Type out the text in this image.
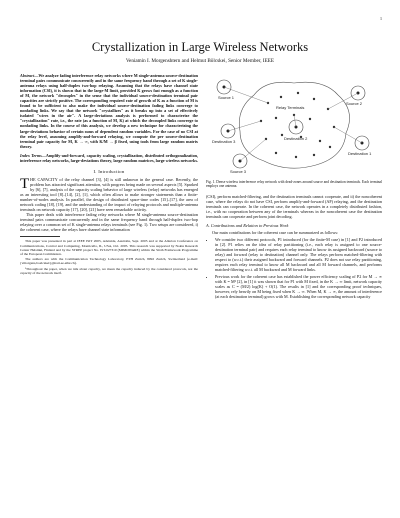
1
Crystallization in Large Wireless Networks
Veniamin I. Morgenshtern and Helmut Bölcskei, Senior Member, IEEE

Abstract—We analyze fading interference relay networks where M single-antenna source-destination terminal pairs communicate concurrently and in the same frequency band through a set of K single-antenna relays using half-duplex two-hop relaying. Assuming that the relays have channel state information (CSI), it is shown that in the large-M limit, provided K grows fast enough as a function of M, the network "decouples" in the sense that the individual source-destination terminal pair capacities are strictly positive. The corresponding required rate of growth of K as a function of M is found to be sufficient to also make the individual source-destination fading links converge to nonfading links. We say that the network "crystallizes" as it breaks up into a set of effectively isolated "wires in the air". A large-deviations analysis is performed to characterize the "crystallization" rate, i.e., the rate (as a function of M, K) at which the decoupled links converge to nonfading links. In the course of this analysis, we develop a new technique for characterizing the large-deviations behavior of certain sums of dependent random variables. For the case of no CSI at the relay level, assuming amplify-and-forward relaying, we compute the per source-destination terminal pair capacity for M, K → ∞, with K/M → β fixed, using tools from large random matrix theory.

Index Terms—Amplify-and-forward, capacity scaling, crystallization, distributed orthogonalization, interference relay networks, large-deviations theory, large random matrices, large wireless networks.

I. Introduction

THE CAPACITY of the relay channel [3], [4] is still unknown in the general case. Recently, the problem has attracted significant attention, with progress being made on several aspects [5]. Sparked by [6], [7], analysis of the capacity scaling behavior of large wireless (relay) networks has emerged as an interesting tool [8]–[14], [2], [1], which often allows to make stronger statements than a finite-number-of-nodes analysis. In parallel, the design of distributed space-time codes [15]–[17], the area of network coding [18], [19], and the understanding of the impact of relaying protocols and multiple-antenna terminals on network capacity [17], [20], [21] have seen remarkable activity.

This paper deals with interference fading relay networks where M single-antenna source-destination terminal pairs communicate concurrently and in the same frequency band through half-duplex two-hop relaying over a common set of K single-antenna relays terminals (see Fig. 1). Two setups are considered, i) the coherent case, where the relays have channel state information

This paper was presented in part at IEEE ISIT 2005, Adelaide, Australia, Sept. 2005 and at the Allerton Conference on Communications, Control and Computing, Monticello, IL, USA, Oct. 2005. This research was supported by Nokia Research Center Helsinki, Finland and by the STREP project No. IST-027310 (MIMOWARE) within the Sixth Framework Programme of the European Commission.

The authors are with the Communication Technology Laboratory, ETH Zurich, 8092 Zurich, Switzerland (e-mail: {vmorgens,boelcskei}@nari.ee.ethz.ch).

¹Throughout the paper, when we talk about capacity, we mean the capacity induced by the considered protocols, not the capacity of the network itself.

Source 1
Source 2
Source 3
Relay Terminals
Destination 1
Destination 2
Destination 3

Fig. 1. Dense wireless interference relay network with dead-zones around source and destination terminals. Each terminal employs one antenna.

(CSI), perform matched-filtering, and the destination terminals cannot cooperate, and ii) the noncoherent case, where the relays do not have CSI, perform amplify-and-forward (AF) relaying, and the destination terminals can cooperate. In the coherent case, the network operates in a completely distributed fashion, i.e., with no cooperation between any of the terminals whereas in the noncoherent case the destination terminals can cooperate and perform joint decoding.

A. Contributions and Relation to Previous Work

Our main contributions for the coherent case can be summarized as follows:

• We consider two different protocols, P1 introduced (for the finite-M case) in [1] and P2 introduced in [2]. P1 relies on the idea of relay partitioning (i.e., each relay is assigned to one source-destination terminal pair) and requires each relay terminal to know its assigned backward (source to relay) and forward (relay to destination) channel only. The relays perform matched-filtering with respect to (w.r.t.) their assigned backward and forward channels. P2 does not use relay partitioning, requires each relay terminal to know all M backward and all M forward channels, and performs matched-filtering w.r.t. all M backward and M forward links.
• Previous work for the coherent case has established the power efficiency scaling of P2 for M → ∞ with K = M³ [2], in [1] it was shown that for P1 with M fixed, in the K → ∞ limit, network capacity scales as C = (M/2) log(K) + O(1). The results in [1] and the corresponding proof techniques, however, rely heavily on M being fixed when K → ∞. When M, K → ∞, the amount of interference (at each destination terminal) grows with M. Establishing the corresponding network capacity
